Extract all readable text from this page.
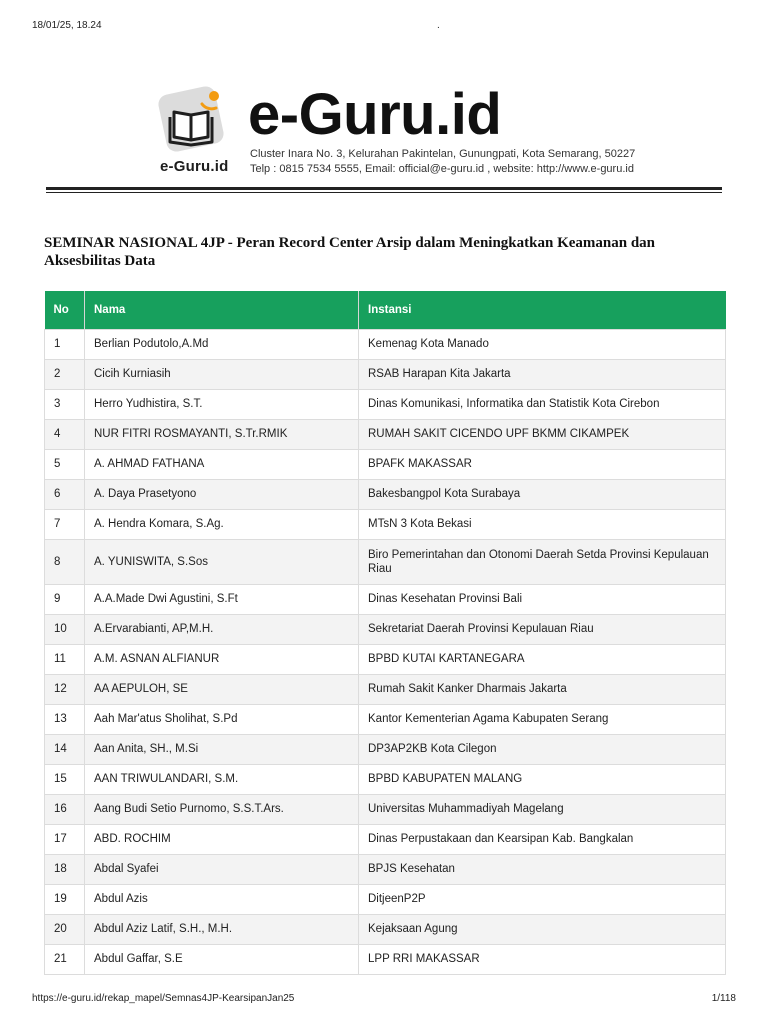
18/01/25, 18.24	.
e-Guru.id
e-Guru.id
Cluster Inara No. 3, Kelurahan Pakintelan, Gunungpati, Kota Semarang, 50227
Telp : 0815 7534 5555, Email: official@e-guru.id , website: http://www.e-guru.id
SEMINAR NASIONAL 4JP - Peran Record Center Arsip dalam Meningkatkan Keamanan dan Aksesbilitas Data
No	Nama	Instansi
1	Berlian Podutolo,A.Md	Kemenag Kota Manado
2	Cicih Kurniasih	RSAB Harapan Kita Jakarta
3	Herro Yudhistira, S.T.	Dinas Komunikasi, Informatika dan Statistik Kota Cirebon
4	NUR FITRI ROSMAYANTI, S.Tr.RMIK	RUMAH SAKIT CICENDO UPF BKMM CIKAMPEK
5	A. AHMAD FATHANA	BPAFK MAKASSAR
6	A. Daya Prasetyono	Bakesbangpol Kota Surabaya
7	A. Hendra Komara, S.Ag.	MTsN 3 Kota Bekasi
8	A. YUNISWITA, S.Sos	Biro Pemerintahan dan Otonomi Daerah Setda Provinsi Kepulauan Riau
9	A.A.Made Dwi Agustini, S.Ft	Dinas Kesehatan Provinsi Bali
10	A.Ervarabianti, AP,M.H.	Sekretariat Daerah Provinsi Kepulauan Riau
11	A.M. ASNAN ALFIANUR	BPBD KUTAI KARTANEGARA
12	AA AEPULOH, SE	Rumah Sakit Kanker Dharmais Jakarta
13	Aah Mar'atus Sholihat, S.Pd	Kantor Kementerian Agama Kabupaten Serang
14	Aan Anita, SH., M.Si	DP3AP2KB Kota Cilegon
15	AAN TRIWULANDARI, S.M.	BPBD KABUPATEN MALANG
16	Aang Budi Setio Purnomo, S.S.T.Ars.	Universitas Muhammadiyah Magelang
17	ABD. ROCHIM	Dinas Perpustakaan dan Kearsipan Kab. Bangkalan
18	Abdal Syafei	BPJS Kesehatan
19	Abdul Azis	DitjeenP2P
20	Abdul Aziz Latif, S.H., M.H.	Kejaksaan Agung
21	Abdul Gaffar, S.E	LPP RRI MAKASSAR
https://e-guru.id/rekap_mapel/Semnas4JP-KearsipanJan25	1/118
